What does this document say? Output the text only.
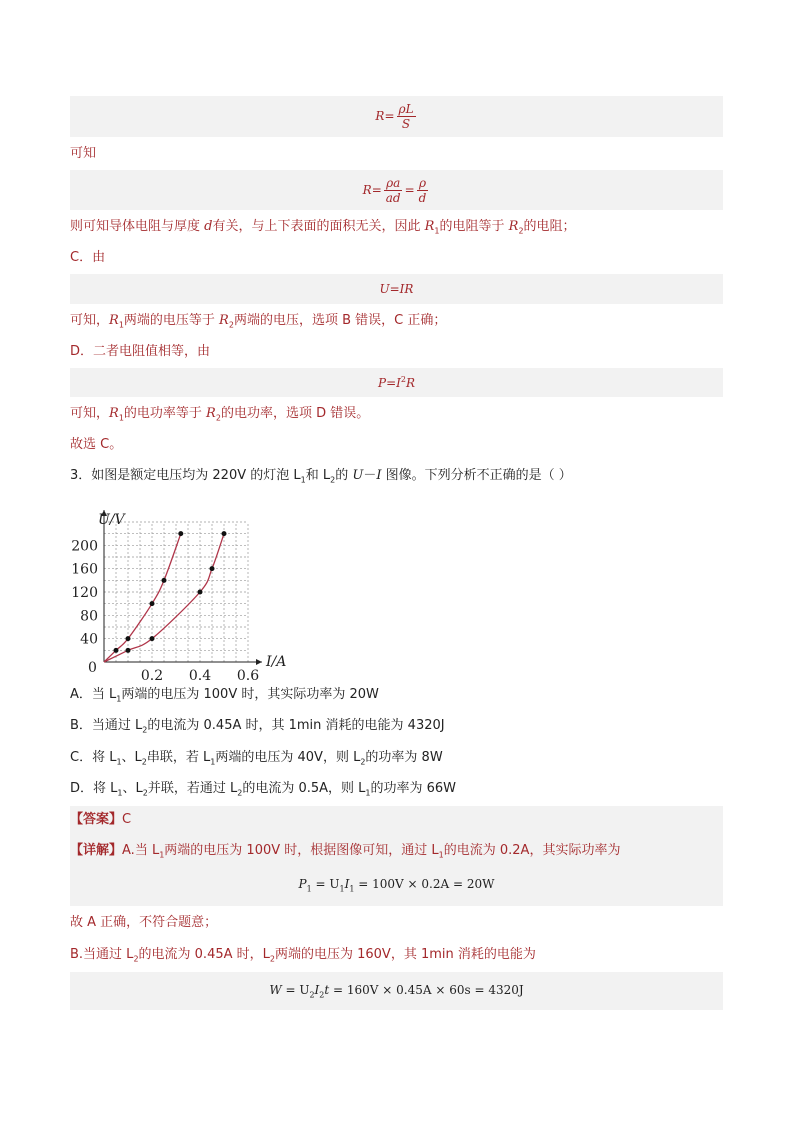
$R= \frac{\rho L}{S}$
可知
$R= \frac{\rho a}{ad} = \frac{\rho}{d}$
则可知导体电阻与厚度 d有关，与上下表面的面积无关，因此 $R_1$的电阻等于 $R_2$的电阻；
C．由
U=IR
可知，$R_1$两端的电压等于 $R_2$两端的电压，选项 B 错误，C 正确；
D．二者电阻值相等，由
$P=I^2R$
可知，$R_1$的电功率等于 $R_2$的电功率，选项 D 错误。
故选 C。
3．如图是额定电压均为 220V 的灯泡 $L_1$和 $L_2$的 U－I 图像。下列分析不正确的是（ ）
U/V
I/A
0
40
80
120
160
200
0.2 0.4 0.6
A．当 $L_1$两端的电压为 100V 时，其实际功率为 20W
B．当通过 $L_2$的电流为 0.45A 时，其 1min 消耗的电能为 4320J
C．将 $L_1$、$L_2$串联，若 $L_1$两端的电压为 40V，则 $L_2$的功率为 8W
D．将 $L_1$、$L_2$并联，若通过 $L_2$的电流为 0.5A，则 $L_1$的功率为 66W
【答案】C
【详解】A.当 $L_1$两端的电压为 100V 时，根据图像可知，通过 $L_1$的电流为 0.2A，其实际功率为
$P_1 = U_1I_1 = 100V \times 0.2A = 20W$
故 A 正确，不符合题意；
B.当通过 $L_2$的电流为 0.45A 时，$L_2$两端的电压为 160V，其 1min 消耗的电能为
$W = U_2I_2t = 160V \times 0.45A \times 60s = 4320J$
